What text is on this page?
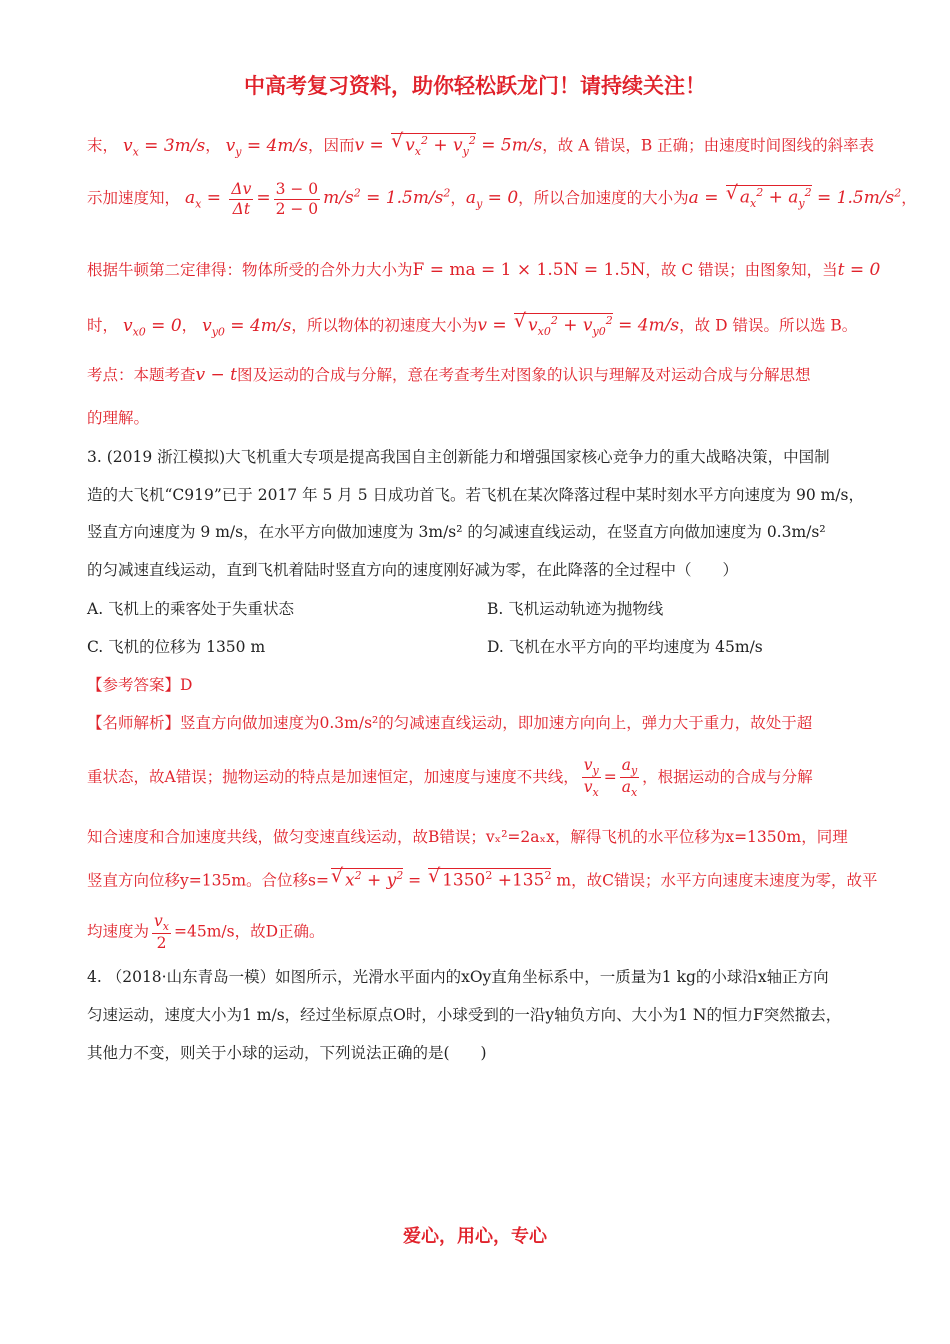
中高考复习资料，助你轻松跃龙门！请持续关注！
末， $v_x = 3m/s$， $v_y = 4m/s$，因而v = √ $v_x^2 + v_y^2 = 5m/s$，故 A 错误，B 正确；由速度时间图线的斜率表
示加速度知， $a_x = \frac{\Delta v}{\Delta t} = \frac{3 - 0}{2 - 0} m/s^2 = 1.5m/s^2$，$a_y = 0$，所以合加速度的大小为a = √ $a_x^2 + a_y^2 = 1.5m/s^2$，
根据牛顿第二定律得：物体所受的合外力大小为F = ma = 1 × 1.5N = 1.5N，故 C 错误；由图象知，当t = 0
时， $v_{x0} = 0$， $v_{y0} = 4m/s$，所以物体的初速度大小为v = √ $v_{x0}^2 + v_{y0}^2 = 4m/s$，故 D 错误。所以选 B。
考点：本题考查v − t图及运动的合成与分解，意在考查考生对图象的认识与理解及对运动合成与分解思想
的理解。
3. (2019 浙江模拟)大飞机重大专项是提高我国自主创新能力和增强国家核心竞争力的重大战略决策，中国制
造的大飞机“C919”已于 2017 年 5 月 5 日成功首飞。若飞机在某次降落过程中某时刻水平方向速度为 90 m/s，
竖直方向速度为 9 m/s，在水平方向做加速度为 3m/s² 的匀减速直线运动，在竖直方向做加速度为 0.3m/s²
的匀减速直线运动，直到飞机着陆时竖直方向的速度刚好减为零，在此降落的全过程中（　　）
A. 飞机上的乘客处于失重状态	B. 飞机运动轨迹为抛物线
C. 飞机的位移为 1350 m	D. 飞机在水平方向的平均速度为 45m/s
【参考答案】D
【名师解析】竖直方向做加速度为0.3m/s²的匀减速直线运动，即加速方向向上，弹力大于重力，故处于超
重状态，故A错误；抛物运动的特点是加速恒定，加速度与速度不共线， $\frac{v_y}{v_x} = \frac{a_y}{a_x}$ ，根据运动的合成与分解
知合速度和合加速度共线，做匀变速直线运动，故B错误；vₓ²=2aₓx，解得飞机的水平位移为x=1350m，同理
竖直方向位移y=135m。合位移s=√ $x^2 + y^2$ = √ $1350^2 +135^2$ m，故C错误；水平方向速度末速度为零，故平
均速度为 $\frac{v_x}{2} =45m/s$，故D正确。
4. （2018·山东青岛一模）如图所示，光滑水平面内的xOy直角坐标系中，一质量为1 kg的小球沿x轴正方向
匀速运动，速度大小为1 m/s，经过坐标原点O时，小球受到的一沿y轴负方向、大小为1 N的恒力F突然撤去，
其他力不变，则关于小球的运动，下列说法正确的是(　　)
爱心，用心，专心
